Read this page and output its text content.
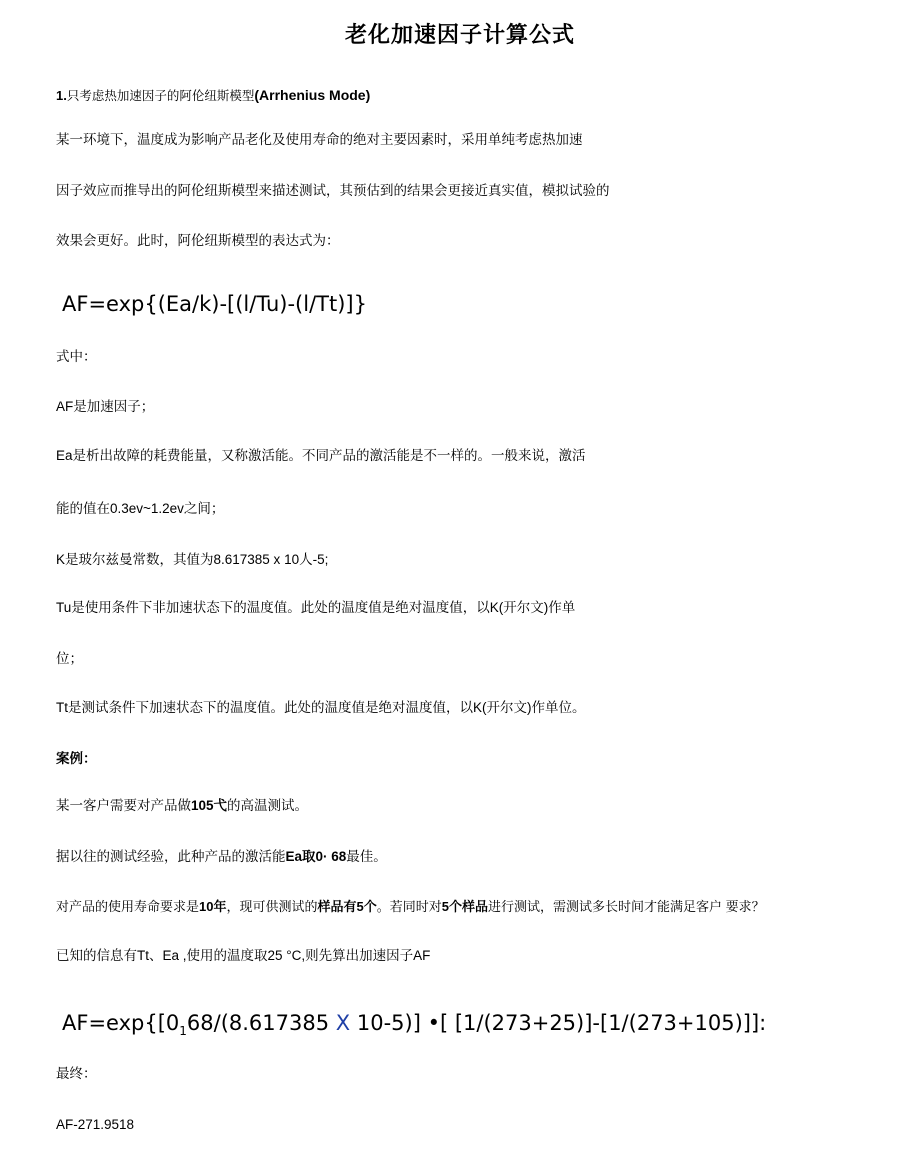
老化加速因子计算公式
1.只考虑热加速因子的阿伦纽斯模型(Arrhenius Mode)
某一环境下，温度成为影响产品老化及使用寿命的绝对主要因素时，采用单纯考虑热加速
因子效应而推导出的阿伦纽斯模型来描述测试，其预估到的结果会更接近真实值，模拟试验的
效果会更好。此时，阿伦纽斯模型的表达式为：
AF=exp{(Ea/k)-[(l/Tu)-(l/Tt)]}
式中：
AF是加速因子；
Ea是析出故障的耗费能量，又称激活能。不同产品的激活能是不一样的。一般来说，激活
能的值在0.3ev~1.2ev之间；
K是玻尔兹曼常数，其值为8.617385 x 10人-5;
Tu是使用条件下非加速状态下的温度值。此处的温度值是绝对温度值，以K(开尔文)作单
位；
Tt是测试条件下加速状态下的温度值。此处的温度值是绝对温度值，以K(开尔文)作单位。
案例：
某一客户需要对产品做105弋的高温测试。
据以往的测试经验，此种产品的激活能Ea取0· 68最佳。
对产品的使用寿命要求是10年，现可供测试的样品有5个。若同时对5个样品进行测试，需测试多长时间才能满足客户 要求？
已知的信息有Tt、Ea ,使用的温度取25 °C,则先算出加速因子AF
$AF=\exp\{[0_168/(8.617385$ X 10-5)] •[ [1/(273+25)]-[1/(273+105)]]:
最终：
AF-271.9518
